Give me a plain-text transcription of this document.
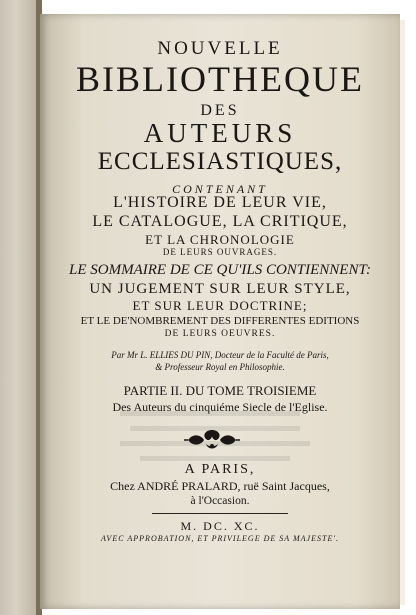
NOUVELLE
BIBLIOTHEQUE
DES
AUTEURS
ECCLESIASTIQUES,
CONTENANT
L'HISTOIRE DE LEUR VIE,
LE CATALOGUE, LA CRITIQUE,
ET LA CHRONOLOGIE
DE LEURS OUVRAGES.
LE SOMMAIRE DE CE QU'ILS CONTIENNENT:
UN JUGEMENT SUR LEUR STYLE,
ET SUR LEUR DOCTRINE;
ET LE DE'NOMBREMENT DES DIFFERENTES EDITIONS
DE LEURS OEUVRES.
Par Mr L. ELLIES DU PIN, Docteur de la Faculté de Paris,
& Professeur Royal en Philosophie.
PARTIE II. DU TOME TROISIEME
Des Auteurs du cinquiéme Siecle de l'Eglise.
A PARIS,
Chez ANDRÉ PRALARD, ruë Saint Jacques,
à l'Occasion.
M. DC. XC.
AVEC APPROBATION, ET PRIVILEGE DE SA MAJESTE'.
